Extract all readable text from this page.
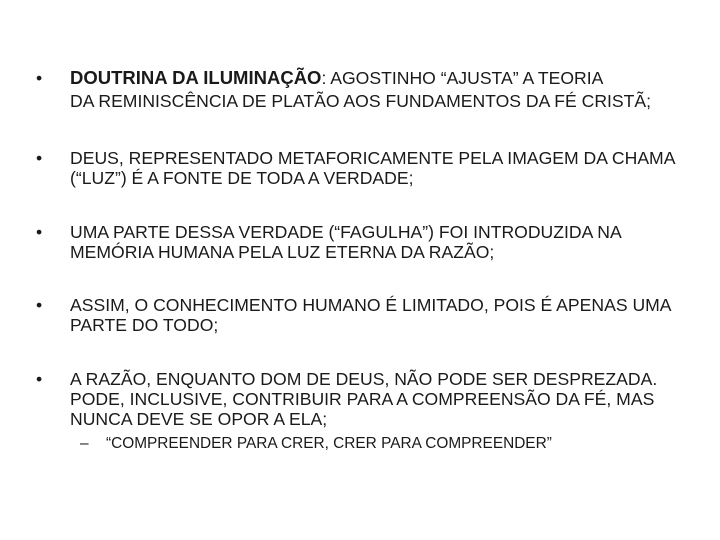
•	DOUTRINA DA ILUMINAÇÃO: AGOSTINHO “AJUSTA” A TEORIA
DA REMINISCÊNCIA DE PLATÃO AOS FUNDAMENTOS DA FÉ CRISTÃ;
•	DEUS, REPRESENTADO METAFORICAMENTE PELA IMAGEM DA CHAMA (“LUZ”) É A FONTE DE TODA A VERDADE;
•	UMA PARTE DESSA VERDADE (“FAGULHA”) FOI INTRODUZIDA NA MEMÓRIA HUMANA PELA LUZ ETERNA DA RAZÃO;
•	ASSIM, O CONHECIMENTO HUMANO É LIMITADO, POIS É APENAS UMA PARTE DO TODO;
•	A RAZÃO, ENQUANTO DOM DE DEUS, NÃO PODE SER DESPREZADA. PODE, INCLUSIVE, CONTRIBUIR PARA A COMPREENSÃO DA FÉ, MAS NUNCA DEVE SE OPOR A ELA;
– “COMPREENDER PARA CRER, CRER PARA COMPREENDER”
